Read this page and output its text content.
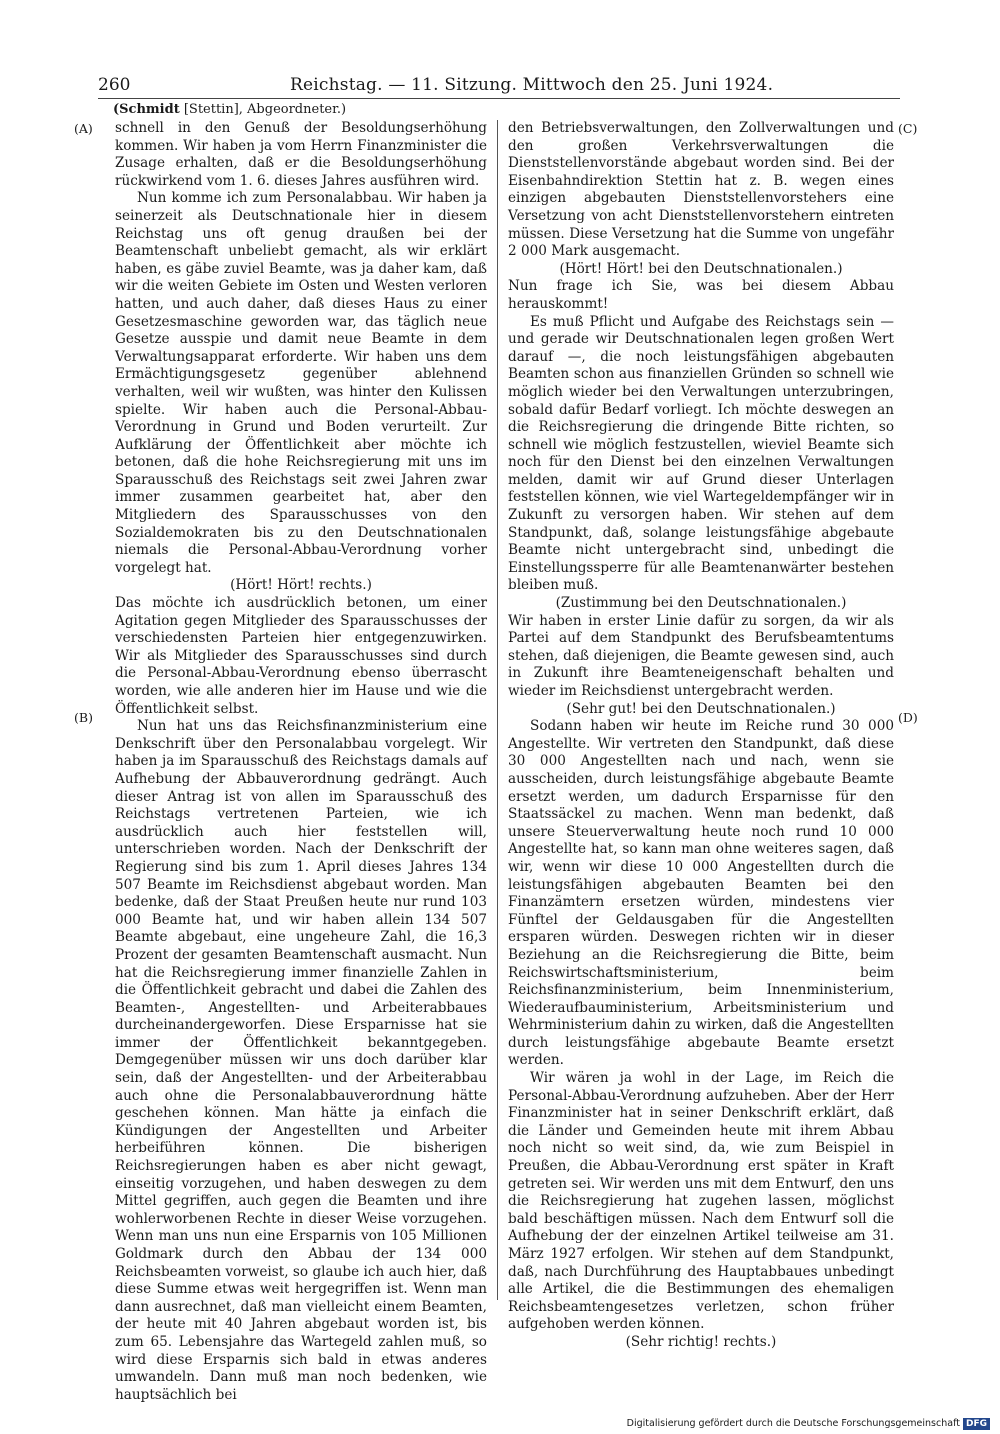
260	Reichstag. — 11. Sitzung. Mittwoch den 25. Juni 1924.
(Schmidt [Stettin], Abgeordneter.)
(A)
(B)
(C)
(D)

schnell in den Genuß der Besoldungserhöhung kommen. Wir haben ja vom Herrn Finanzminister die Zusage erhalten, daß er die Besoldungserhöhung rückwirkend vom 1. 6. dieses Jahres ausführen wird.

Nun komme ich zum Personalabbau. Wir haben ja seinerzeit als Deutschnationale hier in diesem Reichstag uns oft genug draußen bei der Beamtenschaft unbeliebt gemacht, als wir erklärt haben, es gäbe zuviel Beamte, was ja daher kam, daß wir die weiten Gebiete im Osten und Westen verloren hatten, und auch daher, daß dieses Haus zu einer Gesetzesmaschine geworden war, das täglich neue Gesetze ausspie und damit neue Beamte in dem Verwaltungsapparat erforderte. Wir haben uns dem Ermächtigungsgesetz gegenüber ablehnend verhalten, weil wir wußten, was hinter den Kulissen spielte. Wir haben auch die Personal-Abbau-Verordnung in Grund und Boden verurteilt. Zur Aufklärung der Öffentlichkeit aber möchte ich betonen, daß die hohe Reichsregierung mit uns im Sparausschuß des Reichstags seit zwei Jahren zwar immer zusammen gearbeitet hat, aber den Mitgliedern des Sparausschusses von den Sozialdemokraten bis zu den Deutschnationalen niemals die Personal-Abbau-Verordnung vorher vorgelegt hat.

(Hört! Hört! rechts.)

Das möchte ich ausdrücklich betonen, um einer Agitation gegen Mitglieder des Sparausschusses der verschiedensten Parteien hier entgegenzuwirken. Wir als Mitglieder des Sparausschusses sind durch die Personal-Abbau-Verordnung ebenso überrascht worden, wie alle anderen hier im Hause und wie die Öffentlichkeit selbst.

Nun hat uns das Reichsfinanzministerium eine Denkschrift über den Personalabbau vorgelegt. Wir haben ja im Sparausschuß des Reichstags damals auf Aufhebung der Abbauverordnung gedrängt. Auch dieser Antrag ist von allen im Sparausschuß des Reichstags vertretenen Parteien, wie ich ausdrücklich auch hier feststellen will, unterschrieben worden. Nach der Denkschrift der Regierung sind bis zum 1. April dieses Jahres 134 507 Beamte im Reichsdienst abgebaut worden. Man bedenke, daß der Staat Preußen heute nur rund 103 000 Beamte hat, und wir haben allein 134 507 Beamte abgebaut, eine ungeheure Zahl, die 16,3 Prozent der gesamten Beamtenschaft ausmacht. Nun hat die Reichsregierung immer finanzielle Zahlen in die Öffentlichkeit gebracht und dabei die Zahlen des Beamten-, Angestellten- und Arbeiterabbaues durcheinandergeworfen. Diese Ersparnisse hat sie immer der Öffentlichkeit bekanntgegeben. Demgegenüber müssen wir uns doch darüber klar sein, daß der Angestellten- und der Arbeiterabbau auch ohne die Personalabbauverordnung hätte geschehen können. Man hätte ja einfach die Kündigungen der Angestellten und Arbeiter herbeiführen können. Die bisherigen Reichsregierungen haben es aber nicht gewagt, einseitig vorzugehen, und haben deswegen zu dem Mittel gegriffen, auch gegen die Beamten und ihre wohlerworbenen Rechte in dieser Weise vorzugehen. Wenn man uns nun eine Ersparnis von 105 Millionen Goldmark durch den Abbau der 134 000 Reichsbeamten vorweist, so glaube ich auch hier, daß diese Summe etwas weit hergegriffen ist. Wenn man dann ausrechnet, daß man vielleicht einem Beamten, der heute mit 40 Jahren abgebaut worden ist, bis zum 65. Lebensjahre das Wartegeld zahlen muß, so wird diese Ersparnis sich bald in etwas anderes umwandeln. Dann muß man noch bedenken, wie hauptsächlich bei

den Betriebsverwaltungen, den Zollverwaltungen und den großen Verkehrsverwaltungen die Dienststellenvorstände abgebaut worden sind. Bei der Eisenbahndirektion Stettin hat z. B. wegen eines einzigen abgebauten Dienststellenvorstehers eine Versetzung von acht Dienststellenvorstehern eintreten müssen. Diese Versetzung hat die Summe von ungefähr 2 000 Mark ausgemacht.

(Hört! Hört! bei den Deutschnationalen.)

Nun frage ich Sie, was bei diesem Abbau herauskommt!

Es muß Pflicht und Aufgabe des Reichstags sein — und gerade wir Deutschnationalen legen großen Wert darauf —, die noch leistungsfähigen abgebauten Beamten schon aus finanziellen Gründen so schnell wie möglich wieder bei den Verwaltungen unterzubringen, sobald dafür Bedarf vorliegt. Ich möchte deswegen an die Reichsregierung die dringende Bitte richten, so schnell wie möglich festzustellen, wieviel Beamte sich noch für den Dienst bei den einzelnen Verwaltungen melden, damit wir auf Grund dieser Unterlagen feststellen können, wie viel Wartegeldempfänger wir in Zukunft zu versorgen haben. Wir stehen auf dem Standpunkt, daß, solange leistungsfähige abgebaute Beamte nicht untergebracht sind, unbedingt die Einstellungssperre für alle Beamtenanwärter bestehen bleiben muß.

(Zustimmung bei den Deutschnationalen.)

Wir haben in erster Linie dafür zu sorgen, da wir als Partei auf dem Standpunkt des Berufsbeamtentums stehen, daß diejenigen, die Beamte gewesen sind, auch in Zukunft ihre Beamteneigenschaft behalten und wieder im Reichsdienst untergebracht werden.

(Sehr gut! bei den Deutschnationalen.)

Sodann haben wir heute im Reiche rund 30 000 Angestellte. Wir vertreten den Standpunkt, daß diese 30 000 Angestellten nach und nach, wenn sie ausscheiden, durch leistungsfähige abgebaute Beamte ersetzt werden, um dadurch Ersparnisse für den Staatssäckel zu machen. Wenn man bedenkt, daß unsere Steuerverwaltung heute noch rund 10 000 Angestellte hat, so kann man ohne weiteres sagen, daß wir, wenn wir diese 10 000 Angestellten durch die leistungsfähigen abgebauten Beamten bei den Finanzämtern ersetzen würden, mindestens vier Fünftel der Geldausgaben für die Angestellten ersparen würden. Deswegen richten wir in dieser Beziehung an die Reichsregierung die Bitte, beim Reichswirtschaftsministerium, beim Reichsfinanzministerium, beim Innenministerium, Wiederaufbauministerium, Arbeitsministerium und Wehrministerium dahin zu wirken, daß die Angestellten durch leistungsfähige abgebaute Beamte ersetzt werden.

Wir wären ja wohl in der Lage, im Reich die Personal-Abbau-Verordnung aufzuheben. Aber der Herr Finanzminister hat in seiner Denkschrift erklärt, daß die Länder und Gemeinden heute mit ihrem Abbau noch nicht so weit sind, da, wie zum Beispiel in Preußen, die Abbau-Verordnung erst später in Kraft getreten sei. Wir werden uns mit dem Entwurf, den uns die Reichsregierung hat zugehen lassen, möglichst bald beschäftigen müssen. Nach dem Entwurf soll die Aufhebung der der einzelnen Artikel teilweise am 31. März 1927 erfolgen. Wir stehen auf dem Standpunkt, daß, nach Durchführung des Hauptabbaues unbedingt alle Artikel, die die Bestimmungen des ehemaligen Reichsbeamtengesetzes verletzen, schon früher aufgehoben werden können.

(Sehr richtig! rechts.)

Digitalisierung gefördert durch die Deutsche Forschungsgemeinschaft DFG
